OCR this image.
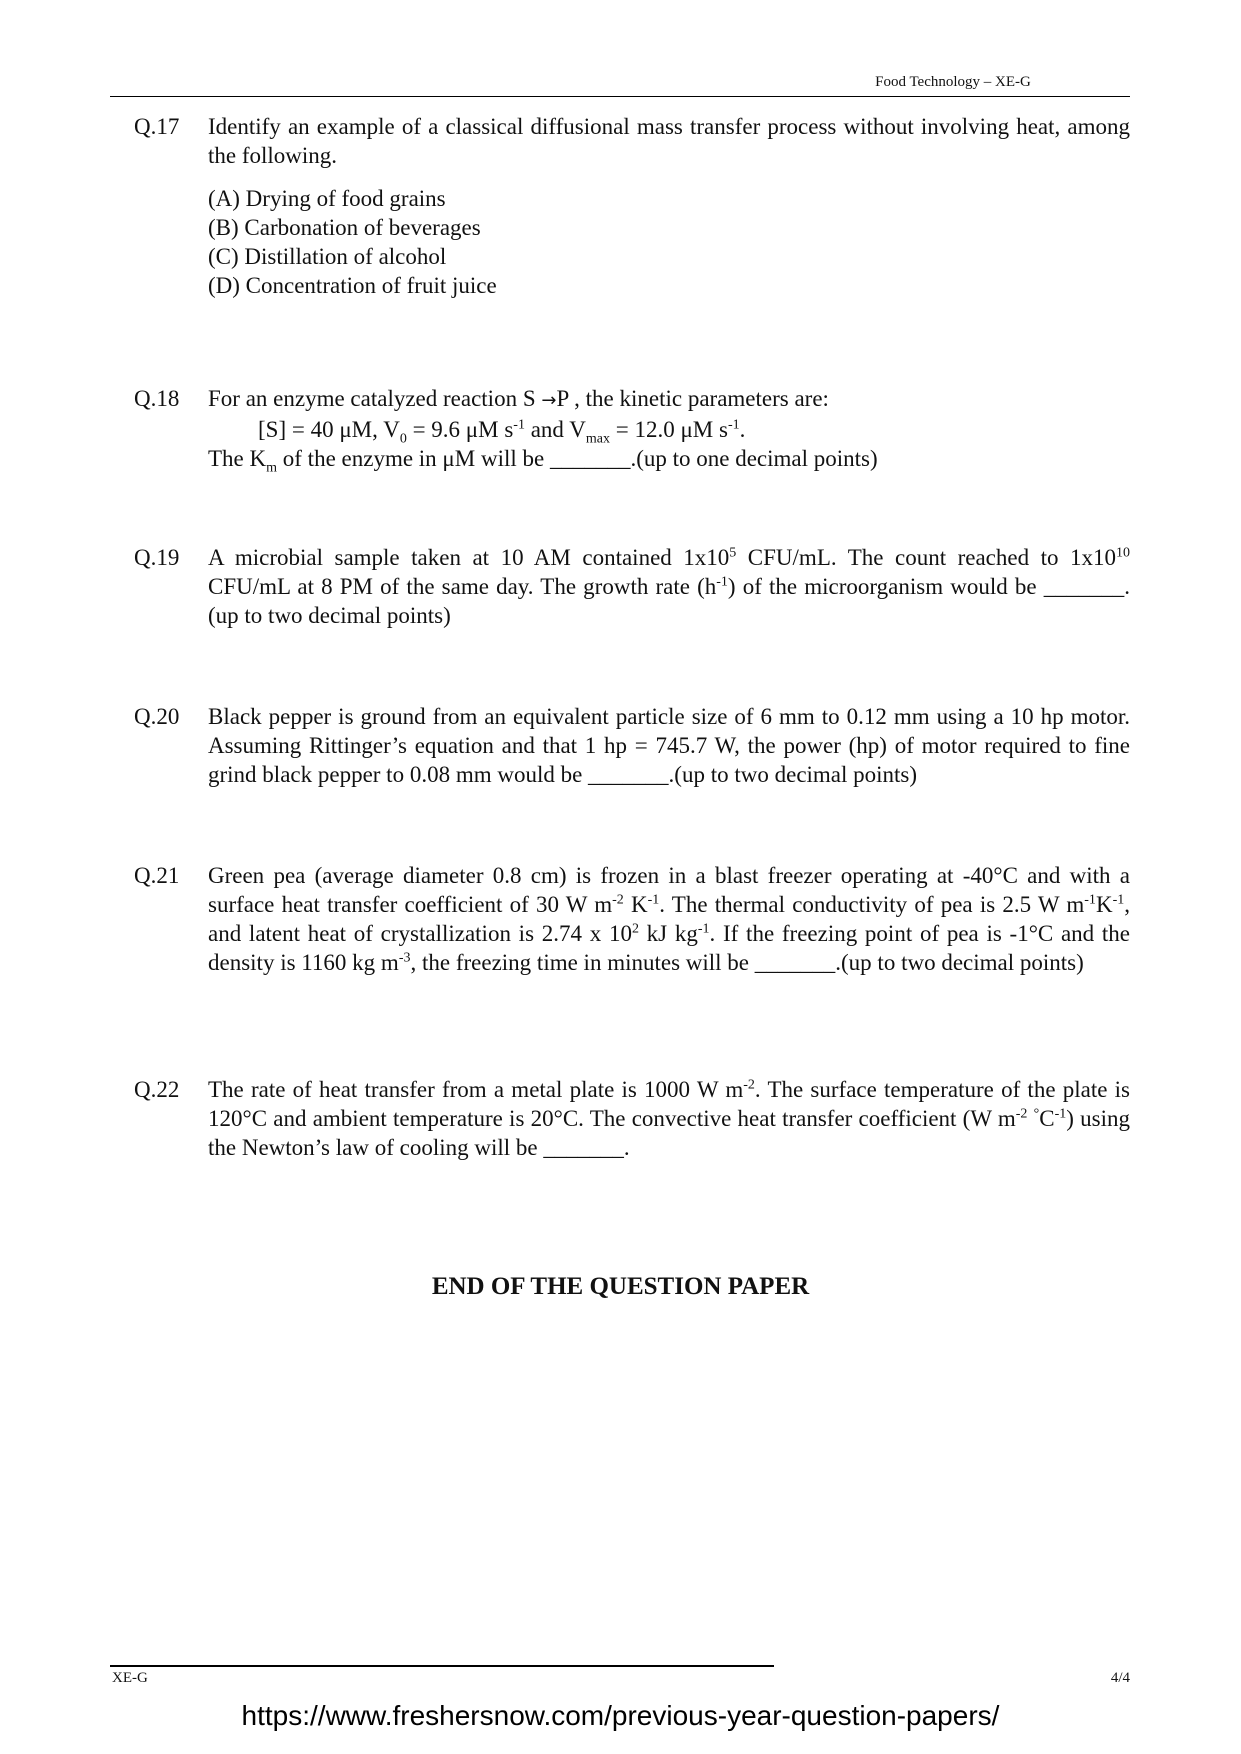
Food Technology – XE-G
Q.17 Identify an example of a classical diffusional mass transfer process without involving heat, among the following.
(A) Drying of food grains
(B) Carbonation of beverages
(C) Distillation of alcohol
(D) Concentration of fruit juice
Q.18 For an enzyme catalyzed reaction S →P , the kinetic parameters are:
[S] = 40 μM, $V_0 = 9.6$ μM $s^{-1}$ and $V_{max} = 12.0$ μM $s^{-1}$.
The $K_m$ of the enzyme in μM will be _______.(up to one decimal points)
Q.19 A microbial sample taken at 10 AM contained $1x10^5$ CFU/mL. The count reached to $1x10^{10}$ CFU/mL at 8 PM of the same day. The growth rate $(h^{-1})$ of the microorganism would be _______.(up to two decimal points)
Q.20 Black pepper is ground from an equivalent particle size of 6 mm to 0.12 mm using a 10 hp motor. Assuming Rittinger’s equation and that 1 hp = 745.7 W, the power (hp) of motor required to fine grind black pepper to 0.08 mm would be _______.(up to two decimal points)
Q.21 Green pea (average diameter 0.8 cm) is frozen in a blast freezer operating at -40°C and with a surface heat transfer coefficient of 30 W $m^{-2}$ $K^{-1}$. The thermal conductivity of pea is 2.5 W $m^{-1}K^{-1}$, and latent heat of crystallization is 2.74 x $10^2$ kJ $kg^{-1}$. If the freezing point of pea is -1°C and the density is 1160 kg $m^{-3}$, the freezing time in minutes will be _______.(up to two decimal points)
Q.22 The rate of heat transfer from a metal plate is 1000 W $m^{-2}$. The surface temperature of the plate is 120°C and ambient temperature is 20°C. The convective heat transfer coefficient (W $m^{-2}$ $^\circ C^{-1}$) using the Newton’s law of cooling will be _______.
END OF THE QUESTION PAPER
XE-G	4/4
https://www.freshersnow.com/previous-year-question-papers/
